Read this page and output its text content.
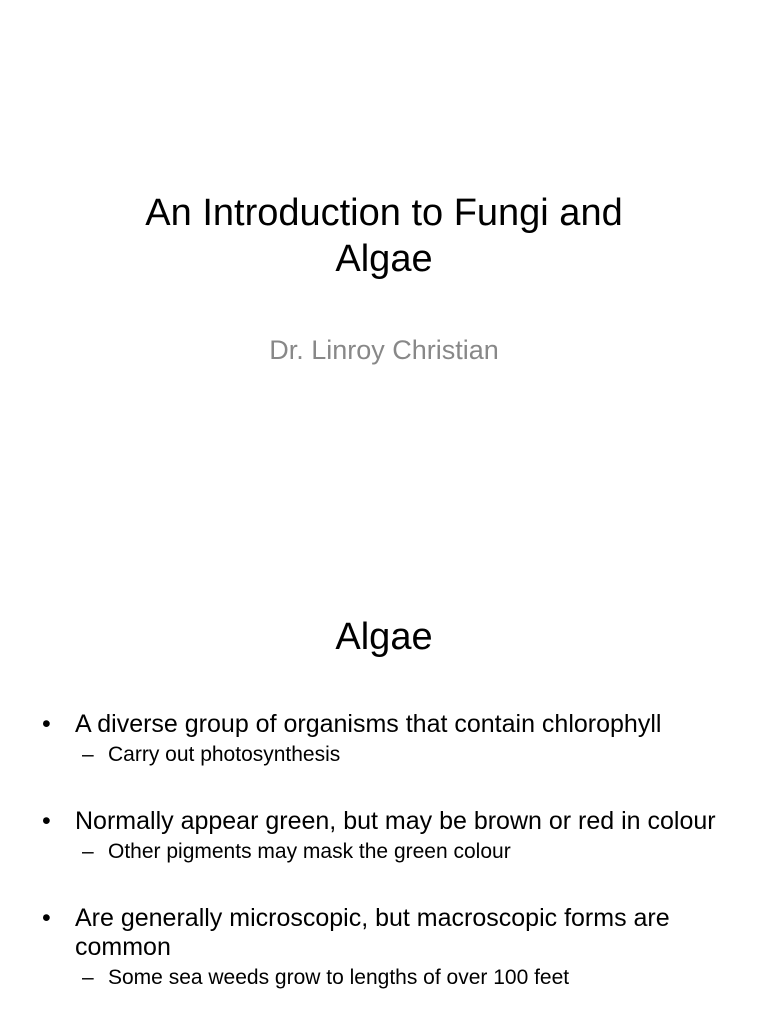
An Introduction to Fungi and
Algae

Dr. Linroy Christian

Algae
• A diverse group of organisms that contain chlorophyll
– Carry out photosynthesis
• Normally appear green, but may be brown or red in colour
– Other pigments may mask the green colour
• Are generally microscopic, but macroscopic forms are common
– Some sea weeds grow to lengths of over 100 feet
